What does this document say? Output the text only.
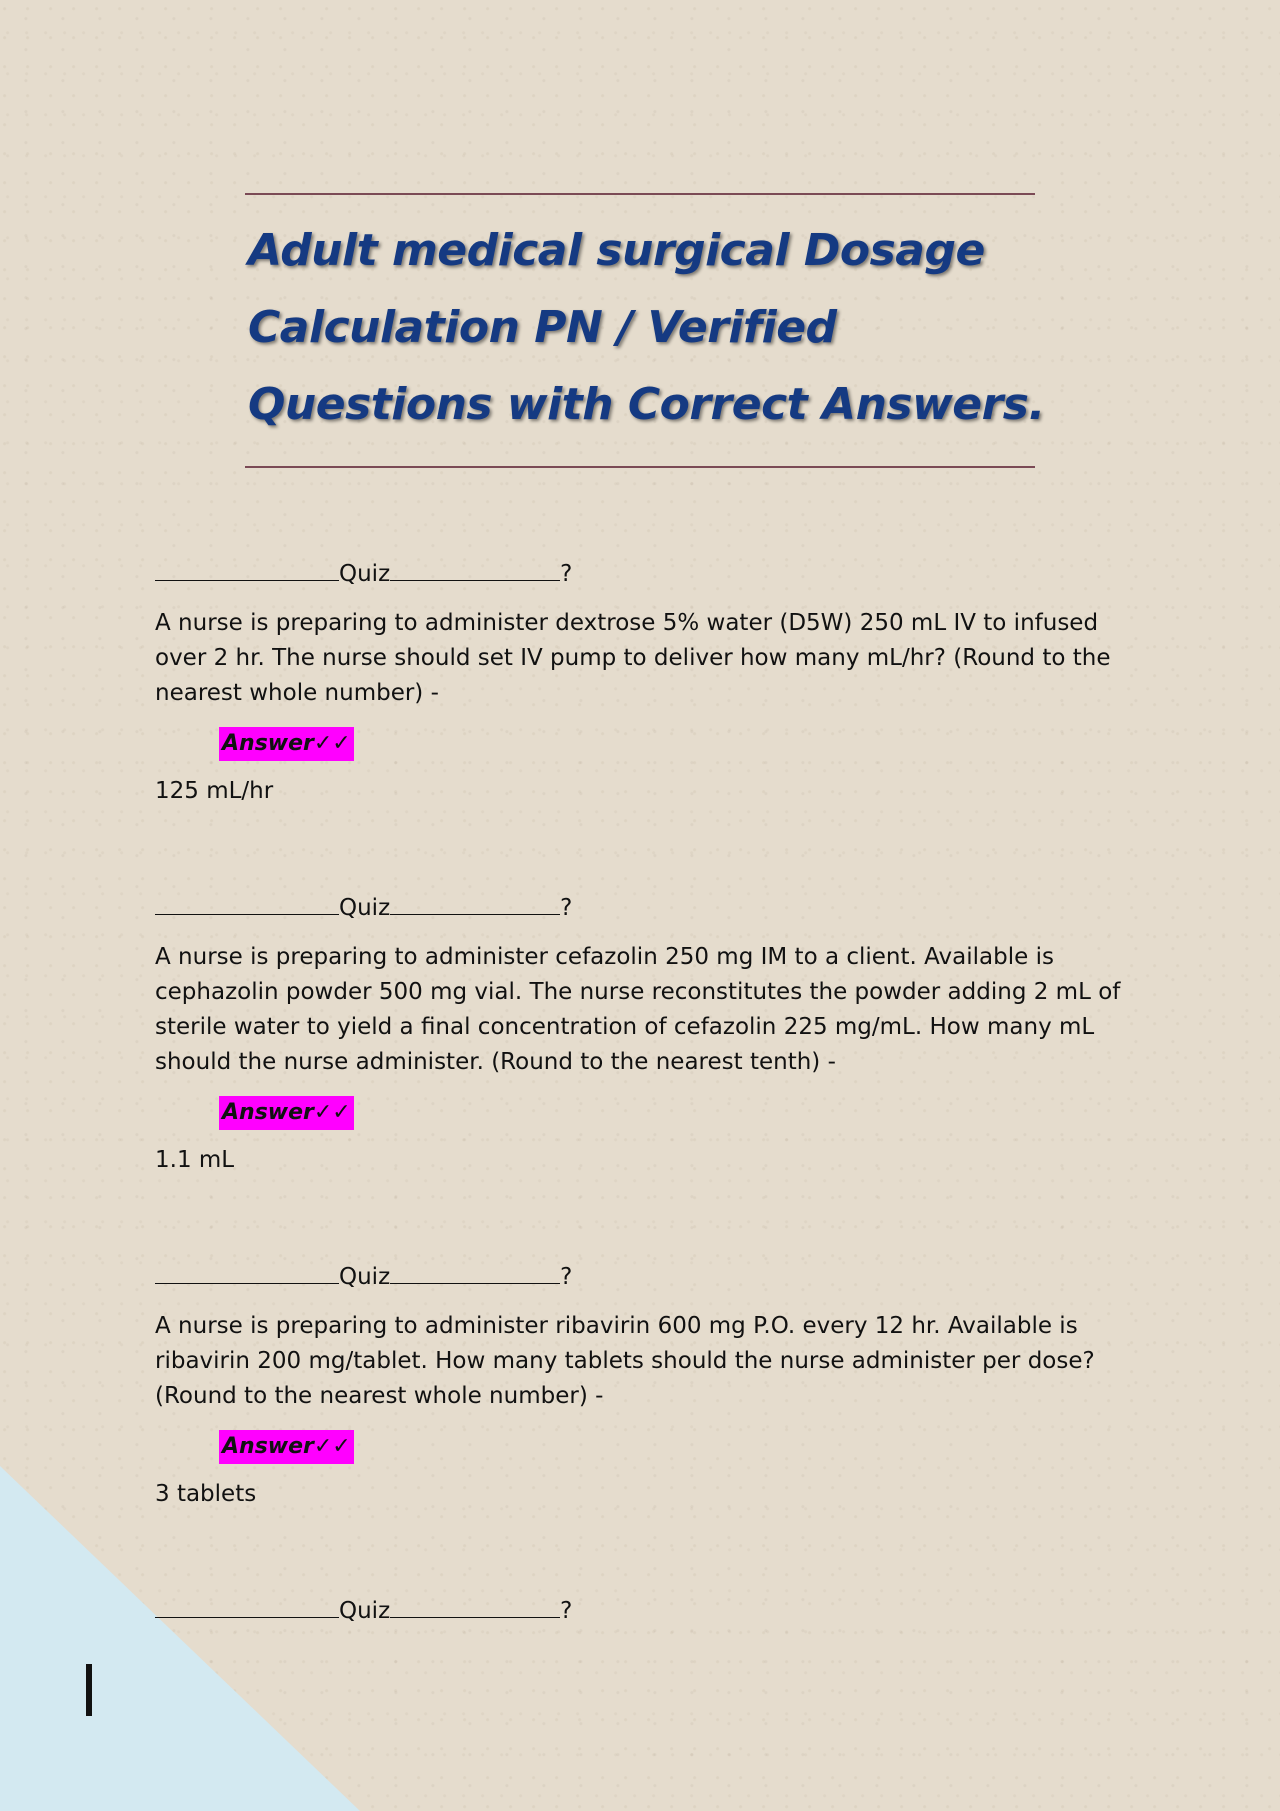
Adult medical surgical Dosage
Calculation PN / Verified
Questions with Correct Answers.
Quiz	?
A nurse is preparing to administer dextrose 5% water (D5W) 250 mL IV to infused over 2 hr. The nurse should set IV pump to deliver how many mL/hr? (Round to the nearest whole number) -
Answer✓✓
125 mL/hr
Quiz	?
A nurse is preparing to administer cefazolin 250 mg IM to a client. Available is cephazolin powder 500 mg vial. The nurse reconstitutes the powder adding 2 mL of sterile water to yield a final concentration of cefazolin 225 mg/mL. How many mL should the nurse administer. (Round to the nearest tenth) -
Answer✓✓
1.1 mL
Quiz	?
A nurse is preparing to administer ribavirin 600 mg P.O. every 12 hr. Available is ribavirin 200 mg/tablet. How many tablets should the nurse administer per dose? (Round to the nearest whole number) -
Answer✓✓
3 tablets
Quiz	?
